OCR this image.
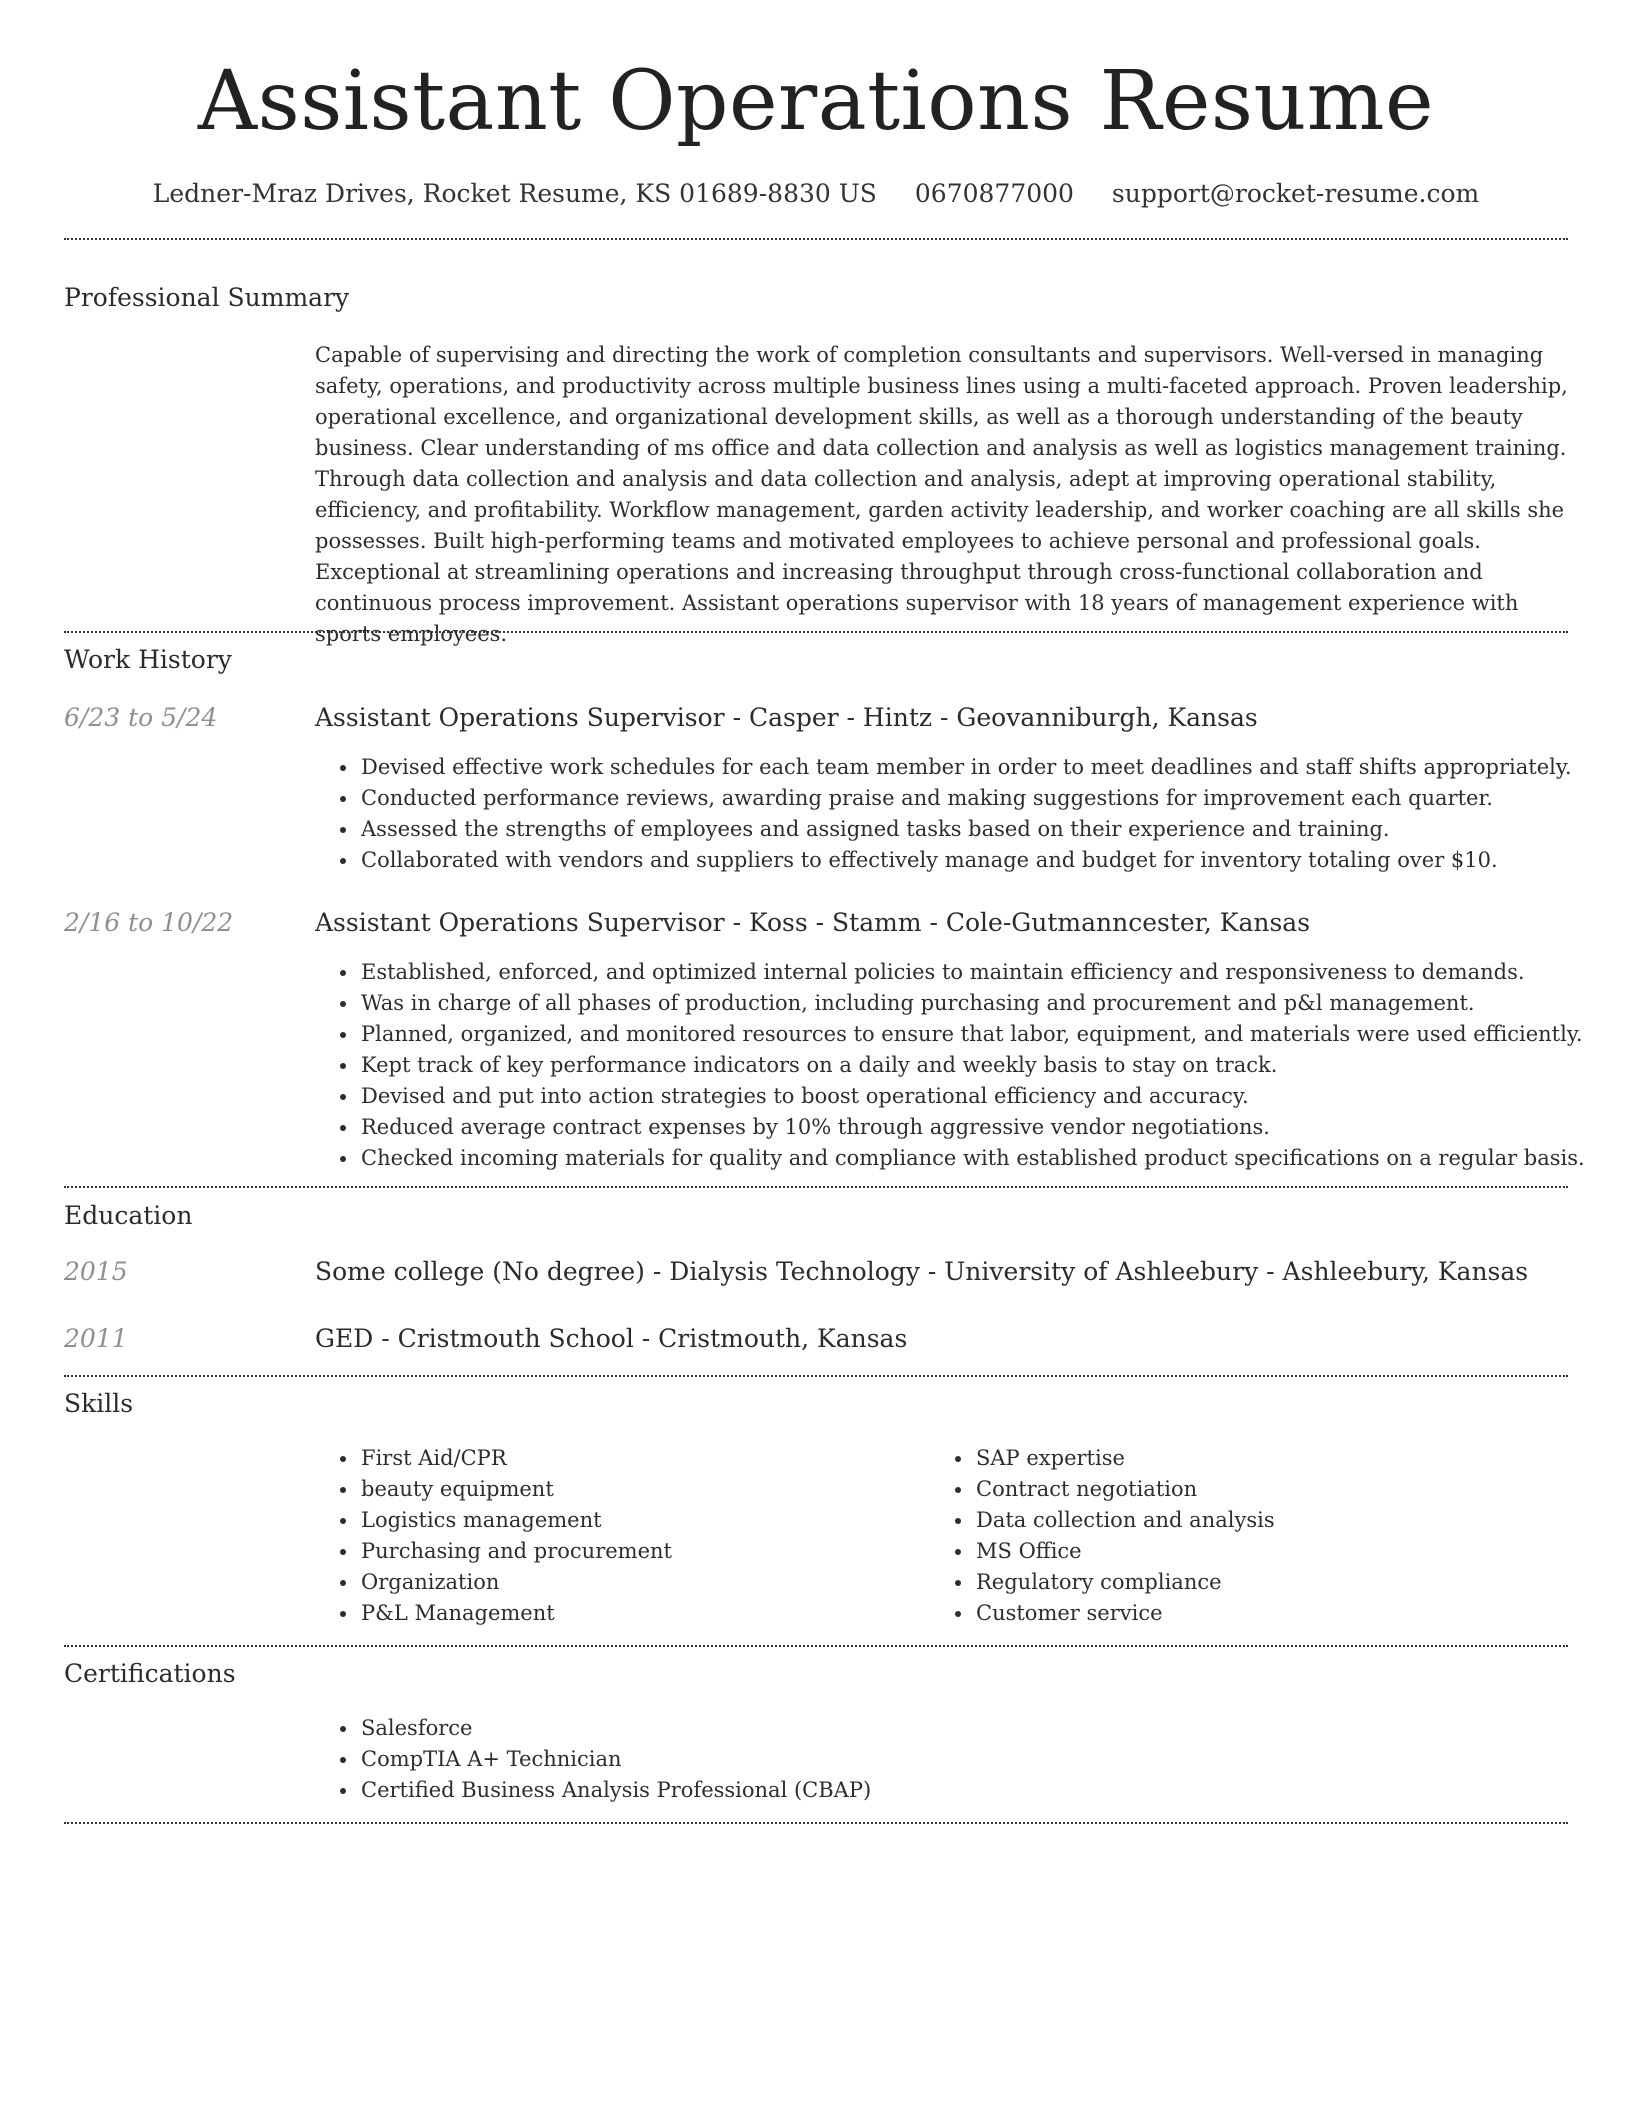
Assistant Operations Resume
Ledner-Mraz Drives, Rocket Resume, KS 01689-8830 US 0670877000 support@rocket-resume.com
Professional Summary

Capable of supervising and directing the work of completion consultants and supervisors. Well-versed in managing safety, operations, and productivity across multiple business lines using a multi-faceted approach. Proven leadership, operational excellence, and organizational development skills, as well as a thorough understanding of the beauty business. Clear understanding of ms office and data collection and analysis as well as logistics management training. Through data collection and analysis and data collection and analysis, adept at improving operational stability, efficiency, and profitability. Workflow management, garden activity leadership, and worker coaching are all skills she possesses. Built high-performing teams and motivated employees to achieve personal and professional goals. Exceptional at streamlining operations and increasing throughput through cross-functional collaboration and continuous process improvement. Assistant operations supervisor with 18 years of management experience with sports employees.

Work History
6/23 to 5/24	Assistant Operations Supervisor - Casper - Hintz - Geovanniburgh, Kansas
• Devised effective work schedules for each team member in order to meet deadlines and staff shifts appropriately.
• Conducted performance reviews, awarding praise and making suggestions for improvement each quarter.
• Assessed the strengths of employees and assigned tasks based on their experience and training.
• Collaborated with vendors and suppliers to effectively manage and budget for inventory totaling over $10.
2/16 to 10/22	Assistant Operations Supervisor - Koss - Stamm - Cole-Gutmanncester, Kansas
• Established, enforced, and optimized internal policies to maintain efficiency and responsiveness to demands.
• Was in charge of all phases of production, including purchasing and procurement and p&l management.
• Planned, organized, and monitored resources to ensure that labor, equipment, and materials were used efficiently.
• Kept track of key performance indicators on a daily and weekly basis to stay on track.
• Devised and put into action strategies to boost operational efficiency and accuracy.
• Reduced average contract expenses by 10% through aggressive vendor negotiations.
• Checked incoming materials for quality and compliance with established product specifications on a regular basis.
Education
2015	Some college (No degree) - Dialysis Technology - University of Ashleebury - Ashleebury, Kansas
2011	GED - Cristmouth School - Cristmouth, Kansas
Skills
• First Aid/CPR
• beauty equipment
• Logistics management
• Purchasing and procurement
• Organization
• P&L Management
• SAP expertise
• Contract negotiation
• Data collection and analysis
• MS Office
• Regulatory compliance
• Customer service
Certifications
• Salesforce
• CompTIA A+ Technician
• Certified Business Analysis Professional (CBAP)
